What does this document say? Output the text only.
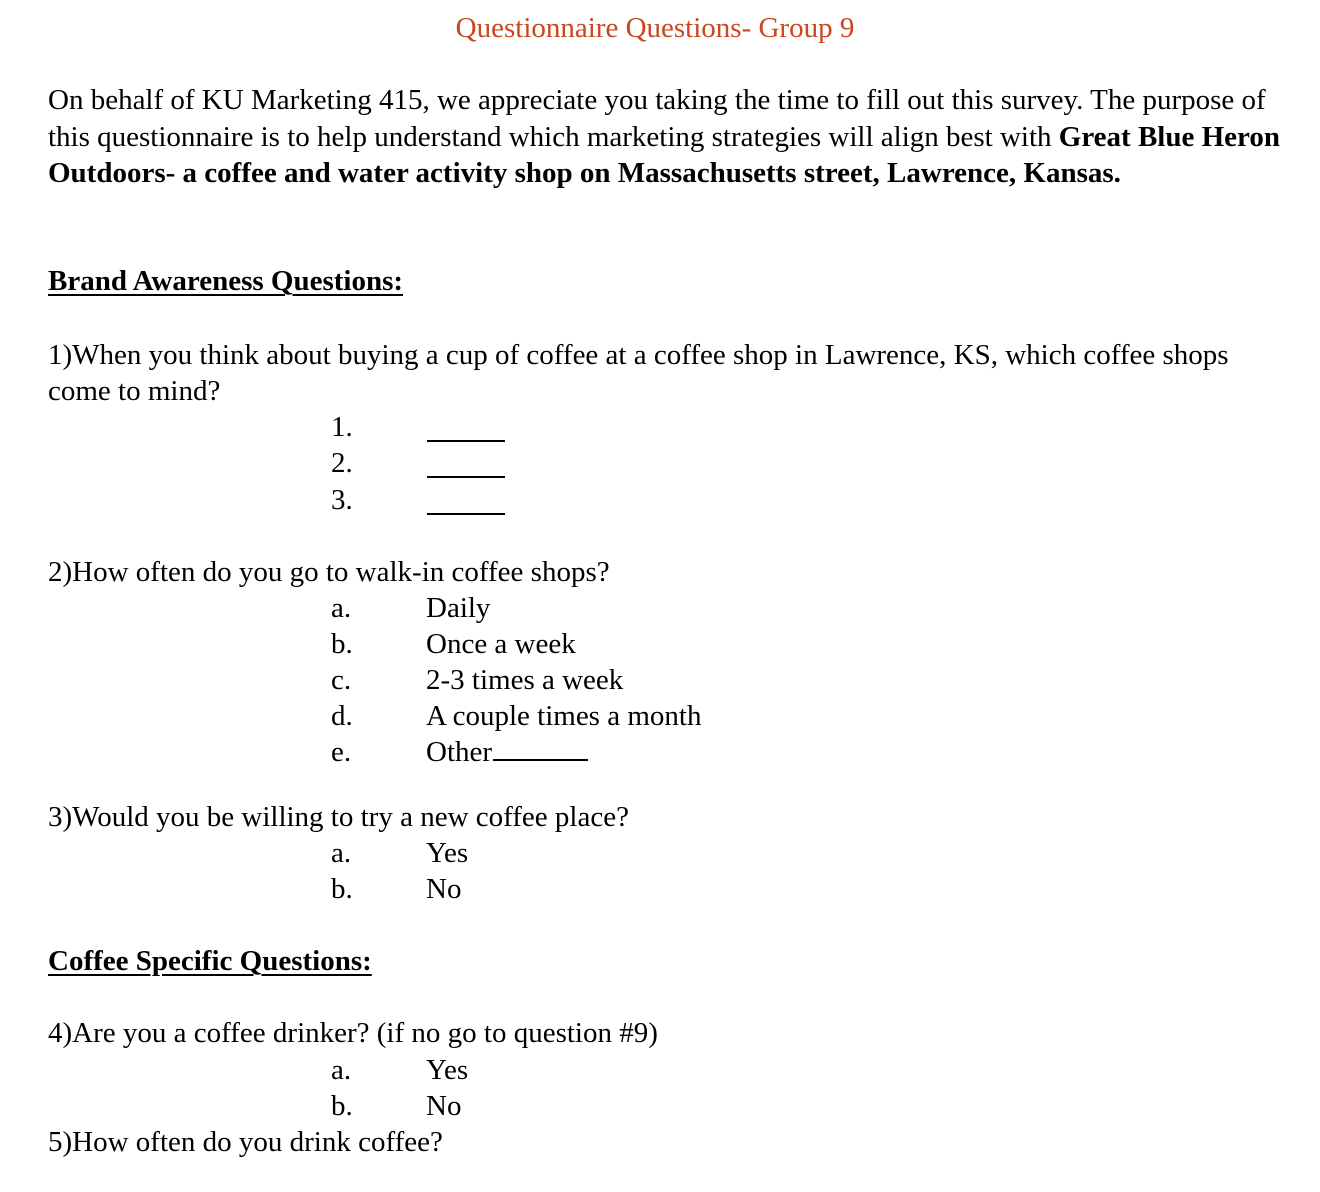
Questionnaire Questions- Group 9
On behalf of KU Marketing 415, we appreciate you taking the time to fill out this survey. The purpose of this questionnaire is to help understand which marketing strategies will align best with Great Blue Heron Outdoors- a coffee and water activity shop on Massachusetts street, Lawrence, Kansas.
Brand Awareness Questions:
1)When you think about buying a cup of coffee at a coffee shop in Lawrence, KS, which coffee shops come to mind?
1.
2.
3.
2)How often do you go to walk-in coffee shops?
a.	Daily
b.	Once a week
c.	2-3 times a week
d.	A couple times a month
e.	Other
3)Would you be willing to try a new coffee place?
a.	Yes
b.	No
Coffee Specific Questions:
4)Are you a coffee drinker? (if no go to question #9)
a.	Yes
b.	No
5)How often do you drink coffee?
